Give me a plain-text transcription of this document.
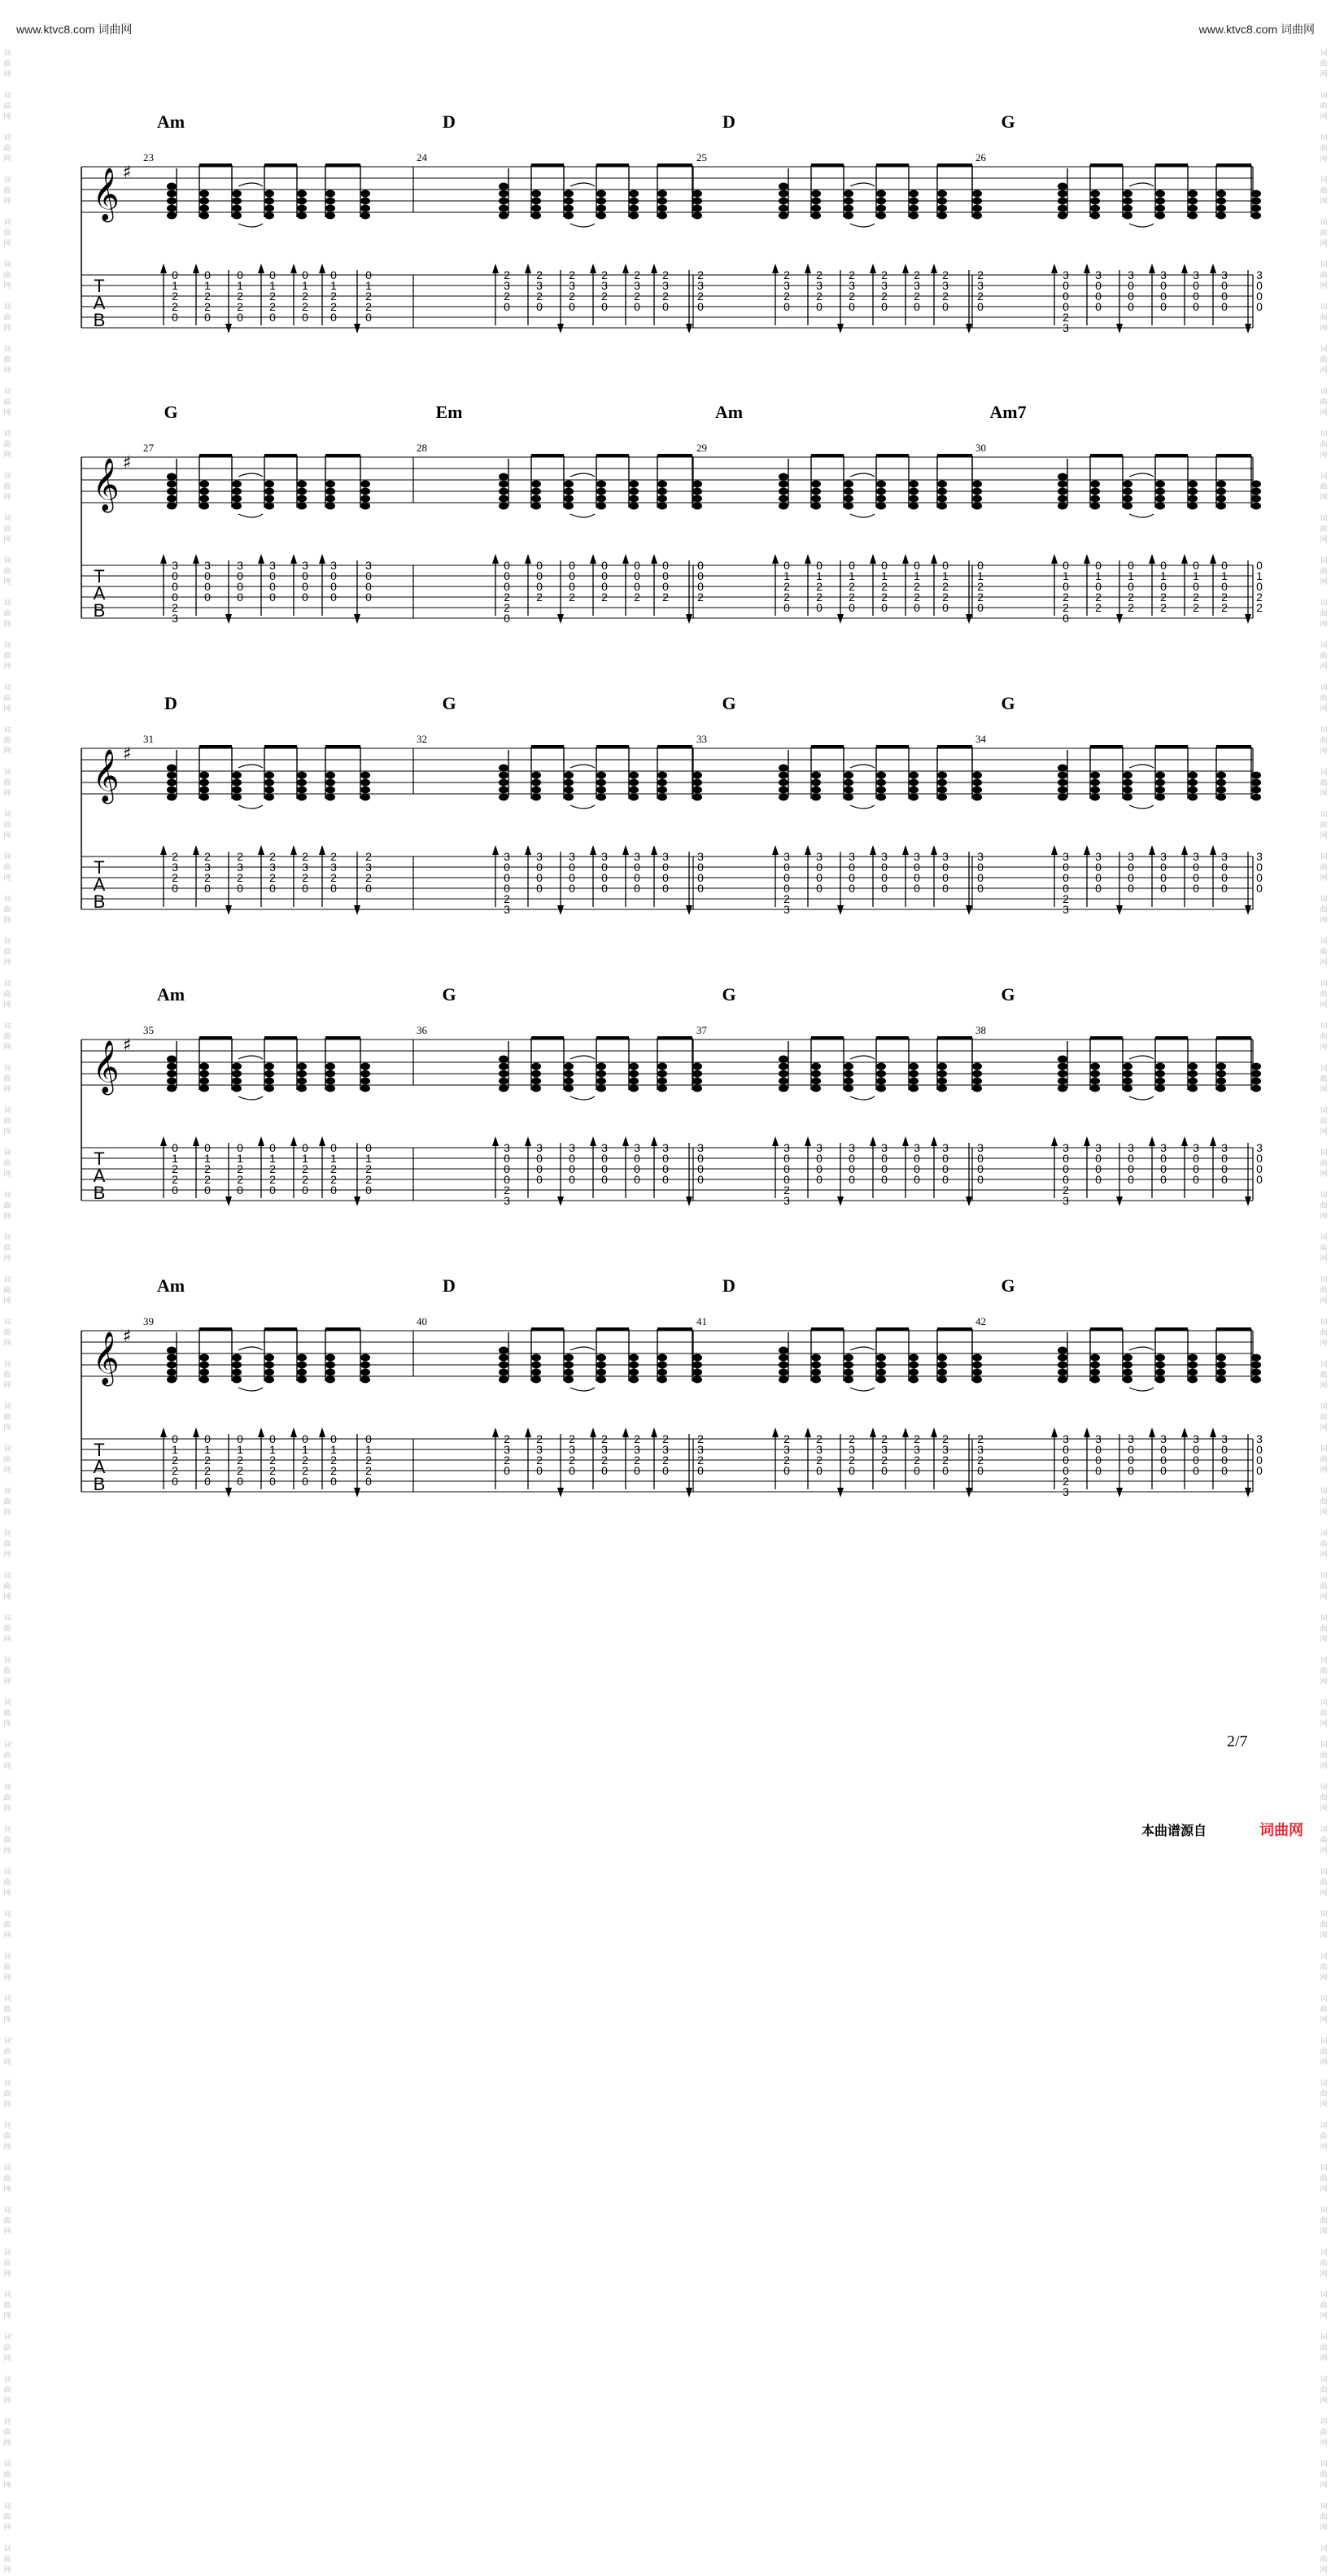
www.ktvc8.com 词曲网	www.ktvc8.com 词曲网
词
曲
网

词
曲
网

词
曲
网

词
曲
网

词
曲
网

词
曲
网

词
曲
网

词
曲
网

词
曲
网

词
曲
网

词
曲
网

词
曲
网

词
曲
网

词
曲
网

词
曲
网

词
曲
网

词
曲
网

词
曲
网

词
曲
网

词
曲
网

词
曲
网

词
曲
网

词
曲
网

词
曲
网

词
曲
网

词
曲
网

词
曲
网

词
曲
网

词
曲
网

词
曲
网

词
曲
网

词
曲
网

词
曲
网

词
曲
网

词
曲
网

词
曲
网

词
曲
网

词
曲
网

词
曲
网

词
曲
网

词
曲
网

词
曲
网

词
曲
网

词
曲
网

词
曲
网

词
曲
网

词
曲
网

词
曲
网

词
曲
网

词
曲
网

词
曲
网

词
曲
网

词
曲
网

词
曲
网

词
曲
网

词
曲
网

词
曲
网

词
曲
网

词
曲
网

词
曲
网

词
曲
网

词
曲
网

词
曲
网

词
曲
网

词
曲
网

词
曲
网

词
曲
网

词
曲
网

词
曲
网

词
曲
网

词
曲
网

词
曲
网

词
曲
网

词
曲
网

词
曲
网

词
曲
网

词
曲
网

词
曲
网

词
曲
网

词
曲
网

词
曲
网

词
曲
网

词
曲
网

词
曲
网

词
曲
网

词
曲
网

词
曲
网

词
曲
网

词
曲
网

词
曲
网

词
曲
网

词
曲
网

词
曲
网

词
曲
网

词
曲
网

词
曲
网

词
曲
网

词
曲
网

词
曲
网

词
曲
网

词
曲
网

词
曲
网

词
曲
网

词
曲
网

词
曲
网

词
曲
网

词
曲
网

词
曲
网

词
曲
网

词
曲
网

词
曲
网

词
曲
网

词
曲
网

词
曲
网

词
曲
网

词
曲
网

词
曲
网

词
曲
网

词
曲
网

词
曲
网

𝄞 ♯
T
A
B
Am
23
0
1
2
2
0
0
1
2
2
0
0
1
2
2
0
0
1
2
2
0
0
1
2
2
0
0
1
2
2
0
0
1
2
2
0
D
24
2
3
2
0
2
3
2
0
2
3
2
0
2
3
2
0
2
3
2
0
2
3
2
0
2
3
2
0
D
25
2
3
2
0
2
3
2
0
2
3
2
0
2
3
2
0
2
3
2
0
2
3
2
0
2
3
2
0
G
26
3
0
0
0
2
3
3
0
0
0
3
0
0
0
3
0
0
0
3
0
0
0
3
0
0
0
3
0
0
0
𝄞 ♯
T
A
B
G
27
3
0
0
0
2
3
3
0
0
0
3
0
0
0
3
0
0
0
3
0
0
0
3
0
0
0
3
0
0
0
Em
28
0
0
0
2
2
0
0
0
0
2
0
0
0
2
0
0
0
2
0
0
0
2
0
0
0
2
0
0
0
2
Am
29
0
1
2
2
0
0
1
2
2
0
0
1
2
2
0
0
1
2
2
0
0
1
2
2
0
0
1
2
2
0
0
1
2
2
0
Am7
30
0
1
0
2
2
0
0
1
0
2
2
0
1
0
2
2
0
1
0
2
2
0
1
0
2
2
0
1
0
2
2
0
1
0
2
2
𝄞 ♯
T
A
B
D
31
2
3
2
0
2
3
2
0
2
3
2
0
2
3
2
0
2
3
2
0
2
3
2
0
2
3
2
0
G
32
3
0
0
0
2
3
3
0
0
0
3
0
0
0
3
0
0
0
3
0
0
0
3
0
0
0
3
0
0
0
G
33
3
0
0
0
2
3
3
0
0
0
3
0
0
0
3
0
0
0
3
0
0
0
3
0
0
0
3
0
0
0
G
34
3
0
0
0
2
3
3
0
0
0
3
0
0
0
3
0
0
0
3
0
0
0
3
0
0
0
3
0
0
0
𝄞 ♯
T
A
B
Am
35
0
1
2
2
0
0
1
2
2
0
0
1
2
2
0
0
1
2
2
0
0
1
2
2
0
0
1
2
2
0
0
1
2
2
0
G
36
3
0
0
0
2
3
3
0
0
0
3
0
0
0
3
0
0
0
3
0
0
0
3
0
0
0
3
0
0
0
G
37
3
0
0
0
2
3
3
0
0
0
3
0
0
0
3
0
0
0
3
0
0
0
3
0
0
0
3
0
0
0
G
38
3
0
0
0
2
3
3
0
0
0
3
0
0
0
3
0
0
0
3
0
0
0
3
0
0
0
3
0
0
0
𝄞 ♯
T
A
B
Am
39
0
1
2
2
0
0
1
2
2
0
0
1
2
2
0
0
1
2
2
0
0
1
2
2
0
0
1
2
2
0
0
1
2
2
0
D
40
2
3
2
0
2
3
2
0
2
3
2
0
2
3
2
0
2
3
2
0
2
3
2
0
2
3
2
0
D
41
2
3
2
0
2
3
2
0
2
3
2
0
2
3
2
0
2
3
2
0
2
3
2
0
2
3
2
0
G
42
3
0
0
0
2
3
3
0
0
0
3
0
0
0
3
0
0
0
3
0
0
0
3
0
0
0
3
0
0
0
2/7
本曲谱源自	词曲网
